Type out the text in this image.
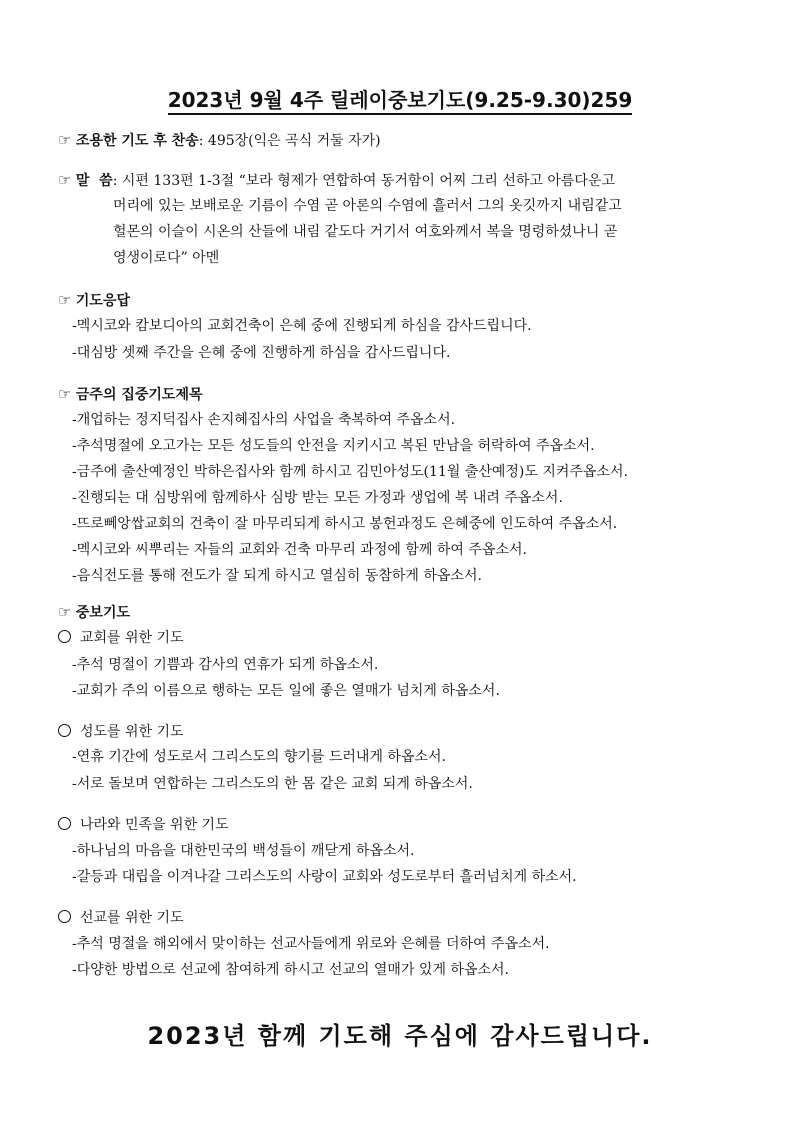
2023년 9월 4주 릴레이중보기도(9.25-9.30)259
☞ 조용한 기도 후 찬송: 495장(익은 곡식 거둘 자가)
☞ 말  씀: 시편 133편 1-3절 “보라 형제가 연합하여 동거함이 어찌 그리 선하고 아름다운고
머리에 있는 보배로운 기름이 수염 곧 아론의 수염에 흘러서 그의 옷깃까지 내림같고
헐몬의 이슬이 시온의 산들에 내림 같도다 거기서 여호와께서 복을 명령하셨나니 곧
영생이로다” 아멘
☞ 기도응답
-멕시코와 캄보디아의 교회건축이 은혜 중에 진행되게 하심을 감사드립니다.
-대심방 셋째 주간을 은혜 중에 진행하게 하심을 감사드립니다.
☞ 금주의 집중기도제목
-개업하는 정지덕집사 손지혜집사의 사업을 축복하여 주옵소서.
-추석명절에 오고가는 모든 성도들의 안전을 지키시고 복된 만남을 허락하여 주옵소서.
-금주에 출산예정인 박하은집사와 함께 하시고 김민아성도(11월 출산예정)도 지켜주옵소서.
-진행되는 대 심방위에 함께하사 심방 받는 모든 가정과 생업에 복 내려 주옵소서.
-뜨로뻬앙쌉교회의 건축이 잘 마무리되게 하시고 봉헌과정도 은혜중에 인도하여 주옵소서.
-멕시코와 씨뿌리는 자들의 교회와 건축 마무리 과정에 함께 하여 주옵소서.
-음식전도를 통해 전도가 잘 되게 하시고 열심히 동참하게 하옵소서.
☞ 중보기도
교회를 위한 기도
-추석 명절이 기쁨과 감사의 연휴가 되게 하옵소서.
-교회가 주의 이름으로 행하는 모든 일에 좋은 열매가 넘치게 하옵소서.
성도를 위한 기도
-연휴 기간에 성도로서 그리스도의 향기를 드러내게 하옵소서.
-서로 돌보며 연합하는 그리스도의 한 몸 같은 교회 되게 하옵소서.
나라와 민족을 위한 기도
-하나님의 마음을 대한민국의 백성들이 깨닫게 하옵소서.
-갈등과 대립을 이겨나갈 그리스도의 사랑이 교회와 성도로부터 흘러넘치게 하소서.
선교를 위한 기도
-추석 명절을 해외에서 맞이하는 선교사들에게 위로와 은혜를 더하여 주옵소서.
-다양한 방법으로 선교에 참여하게 하시고 선교의 열매가 있게 하옵소서.
2023년 함께 기도해 주심에 감사드립니다.
